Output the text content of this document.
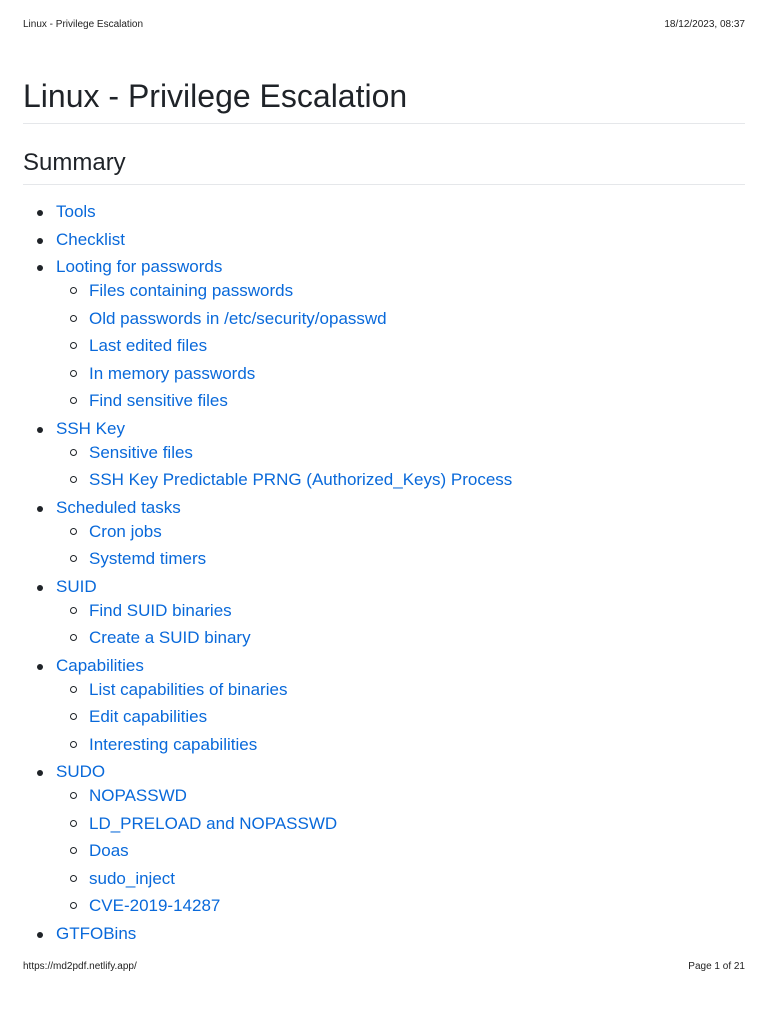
Linux - Privilege Escalation	18/12/2023, 08:37
Linux - Privilege Escalation
Summary
Tools
Checklist
Looting for passwords
Files containing passwords
Old passwords in /etc/security/opasswd
Last edited files
In memory passwords
Find sensitive files
SSH Key
Sensitive files
SSH Key Predictable PRNG (Authorized_Keys) Process
Scheduled tasks
Cron jobs
Systemd timers
SUID
Find SUID binaries
Create a SUID binary
Capabilities
List capabilities of binaries
Edit capabilities
Interesting capabilities
SUDO
NOPASSWD
LD_PRELOAD and NOPASSWD
Doas
sudo_inject
CVE-2019-14287
GTFOBins
https://md2pdf.netlify.app/	Page 1 of 21
